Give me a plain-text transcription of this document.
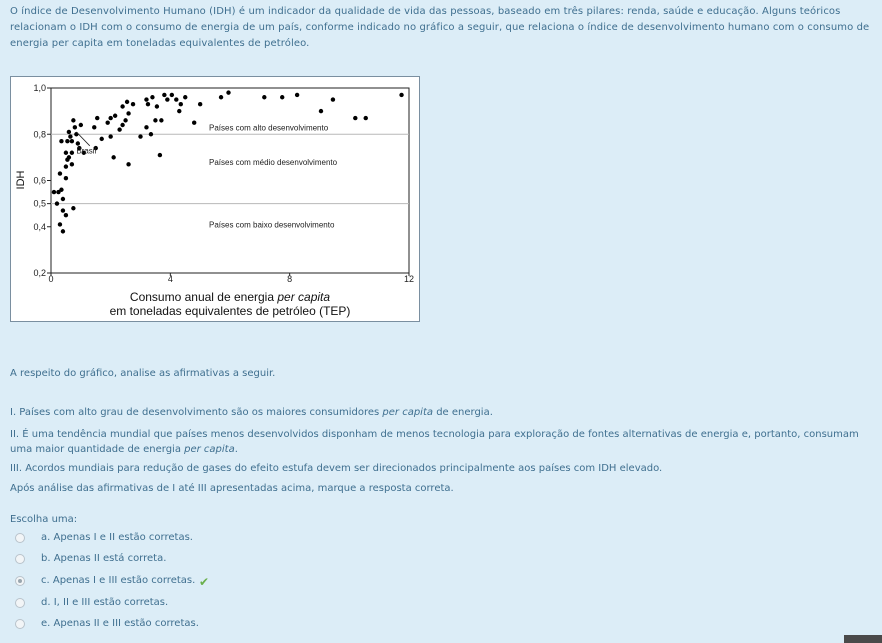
O índice de Desenvolvimento Humano (IDH) é um indicador da qualidade de vida das pessoas, baseado em três pilares: renda, saúde e educação. Alguns teóricos relacionam o IDH com o consumo de energia de um país, conforme indicado no gráfico a seguir, que relaciona o índice de desenvolvimento humano com o consumo de energia per capita em toneladas equivalentes de petróleo.
0,2
0,4
0,5
0,6
0,8
1,0
0	4	8	12
IDH
Consumo anual de energia per capita
em toneladas equivalentes de petróleo (TEP)
Países com alto desenvolvimento
Países com médio desenvolvimento
Países com baixo desenvolvimento
Brasil
A respeito do gráfico, analise as afirmativas a seguir.
I. Países com alto grau de desenvolvimento são os maiores consumidores per capita de energia.
II. É uma tendência mundial que países menos desenvolvidos disponham de menos tecnologia para exploração de fontes alternativas de energia e, portanto, consumam uma maior quantidade de energia per capita.
III. Acordos mundiais para redução de gases do efeito estufa devem ser direcionados principalmente aos países com IDH elevado.
Após análise das afirmativas de I até III apresentadas acima, marque a resposta correta.
Escolha uma:
a. Apenas I e II estão corretas.
b. Apenas II está correta.
c. Apenas I e III estão corretas. ✔
d. I, II e III estão corretas.
e. Apenas II e III estão corretas.
